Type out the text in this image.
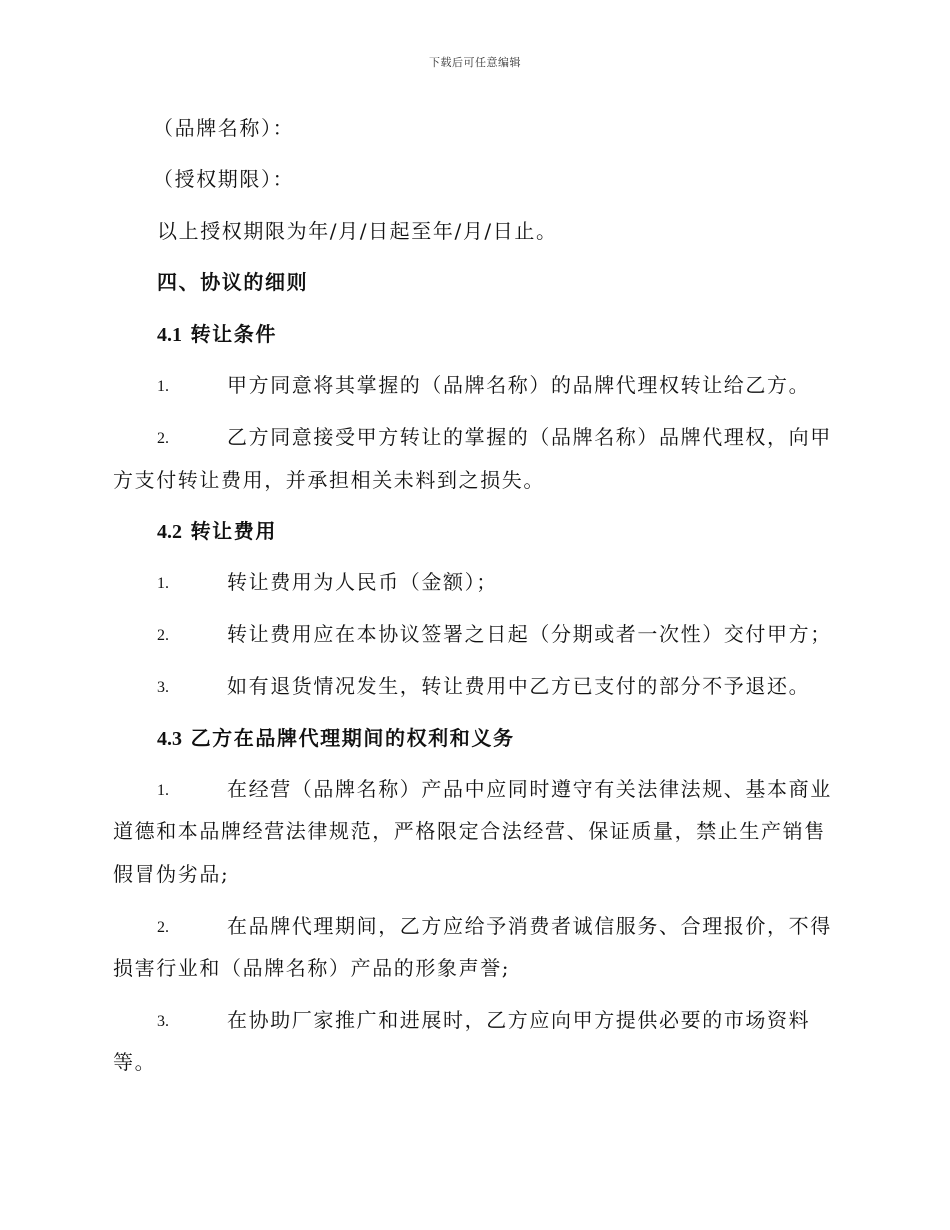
下载后可任意编辑
（品牌名称）：
（授权期限）：
以上授权期限为年/月/日起至年/月/日止。
四、协议的细则
4.1 转让条件
1.	甲方同意将其掌握的（品牌名称）的品牌代理权转让给乙方。
2.	乙方同意接受甲方转让的掌握的（品牌名称）品牌代理权，向甲
方支付转让费用，并承担相关未料到之损失。
4.2 转让费用
1.	转让费用为人民币（金额）；
2.	转让费用应在本协议签署之日起（分期或者一次性）交付甲方；
3.	如有退货情况发生，转让费用中乙方已支付的部分不予退还。
4.3 乙方在品牌代理期间的权利和义务
1.	在经营（品牌名称）产品中应同时遵守有关法律法规、基本商业
道德和本品牌经营法律规范，严格限定合法经营、保证质量，禁止生产销售
假冒伪劣品;
2.	在品牌代理期间，乙方应给予消费者诚信服务、合理报价，不得
损害行业和（品牌名称）产品的形象声誉;
3.	在协助厂家推广和进展时，乙方应向甲方提供必要的市场资料
等。
